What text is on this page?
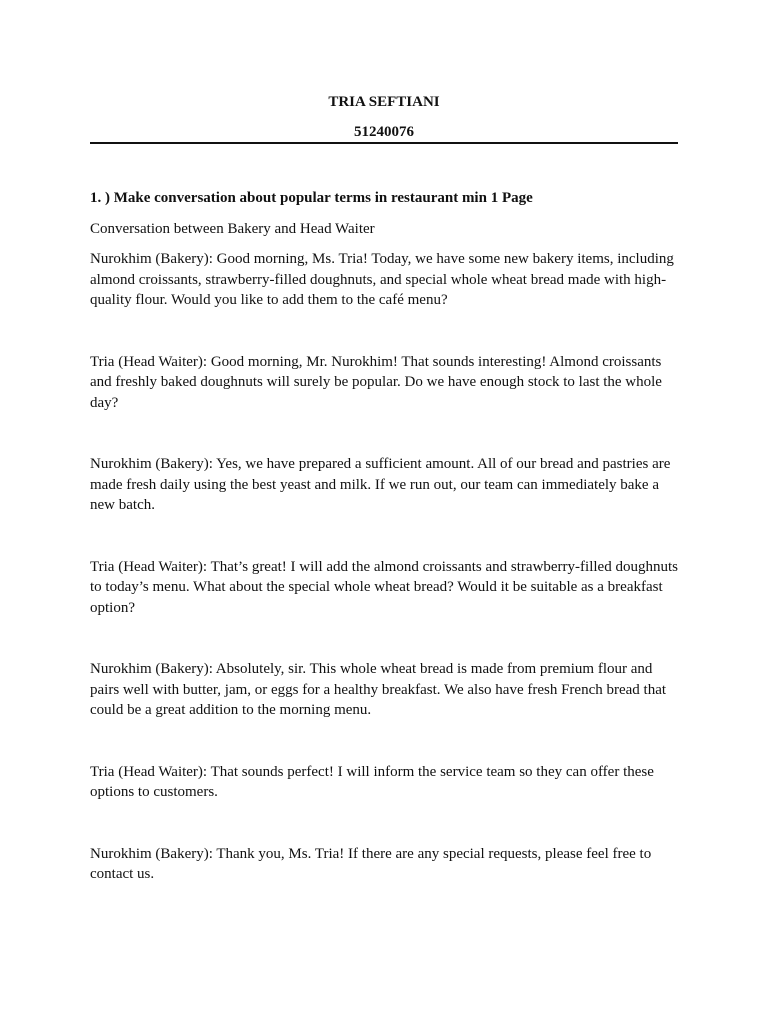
TRIA SEFTIANI
51240076

1. ) Make conversation about popular terms in restaurant min 1 Page

Conversation between Bakery and Head Waiter

Nurokhim (Bakery): Good morning, Ms. Tria! Today, we have some new bakery items, including almond croissants, strawberry-filled doughnuts, and special whole wheat bread made with high-quality flour. Would you like to add them to the café menu?

Tria (Head Waiter): Good morning, Mr. Nurokhim! That sounds interesting! Almond croissants and freshly baked doughnuts will surely be popular. Do we have enough stock to last the whole day?

Nurokhim (Bakery): Yes, we have prepared a sufficient amount. All of our bread and pastries are made fresh daily using the best yeast and milk. If we run out, our team can immediately bake a new batch.

Tria (Head Waiter): That’s great! I will add the almond croissants and strawberry-filled doughnuts to today’s menu. What about the special whole wheat bread? Would it be suitable as a breakfast option?

Nurokhim (Bakery): Absolutely, sir. This whole wheat bread is made from premium flour and pairs well with butter, jam, or eggs for a healthy breakfast. We also have fresh French bread that could be a great addition to the morning menu.

Tria (Head Waiter): That sounds perfect! I will inform the service team so they can offer these options to customers.

Nurokhim (Bakery): Thank you, Ms. Tria! If there are any special requests, please feel free to contact us.
